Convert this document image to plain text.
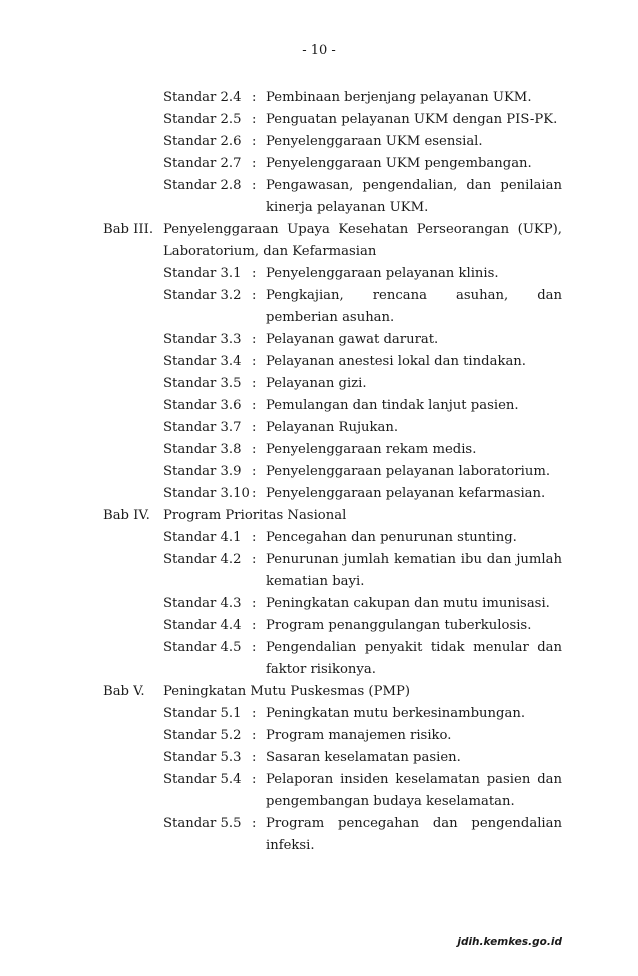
- 10 -
Standar 2.4 : Pembinaan berjenjang pelayanan UKM.
Standar 2.5 : Penguatan pelayanan UKM dengan PIS-PK.
Standar 2.6 : Penyelenggaraan UKM esensial.
Standar 2.7 : Penyelenggaraan UKM pengembangan.
Standar 2.8 : Pengawasan, pengendalian, dan penilaian kinerja pelayanan UKM.
Bab III. Penyelenggaraan Upaya Kesehatan Perseorangan (UKP), Laboratorium, dan Kefarmasian
Standar 3.1 : Penyelenggaraan pelayanan klinis.
Standar 3.2 : Pengkajian, rencana asuhan, dan pemberian asuhan.
Standar 3.3 : Pelayanan gawat darurat.
Standar 3.4 : Pelayanan anestesi lokal dan tindakan.
Standar 3.5 : Pelayanan gizi.
Standar 3.6 : Pemulangan dan tindak lanjut pasien.
Standar 3.7 : Pelayanan Rujukan.
Standar 3.8 : Penyelenggaraan rekam medis.
Standar 3.9 : Penyelenggaraan pelayanan laboratorium.
Standar 3.10 : Penyelenggaraan pelayanan kefarmasian.
Bab IV. Program Prioritas Nasional
Standar 4.1 : Pencegahan dan penurunan stunting.
Standar 4.2 : Penurunan jumlah kematian ibu dan jumlah kematian bayi.
Standar 4.3 : Peningkatan cakupan dan mutu imunisasi.
Standar 4.4 : Program penanggulangan tuberkulosis.
Standar 4.5 : Pengendalian penyakit tidak menular dan faktor risikonya.
Bab V. Peningkatan Mutu Puskesmas (PMP)
Standar 5.1 : Peningkatan mutu berkesinambungan.
Standar 5.2 : Program manajemen risiko.
Standar 5.3 : Sasaran keselamatan pasien.
Standar 5.4 : Pelaporan insiden keselamatan pasien dan pengembangan budaya keselamatan.
Standar 5.5 : Program pencegahan dan pengendalian infeksi.
jdih.kemkes.go.id
